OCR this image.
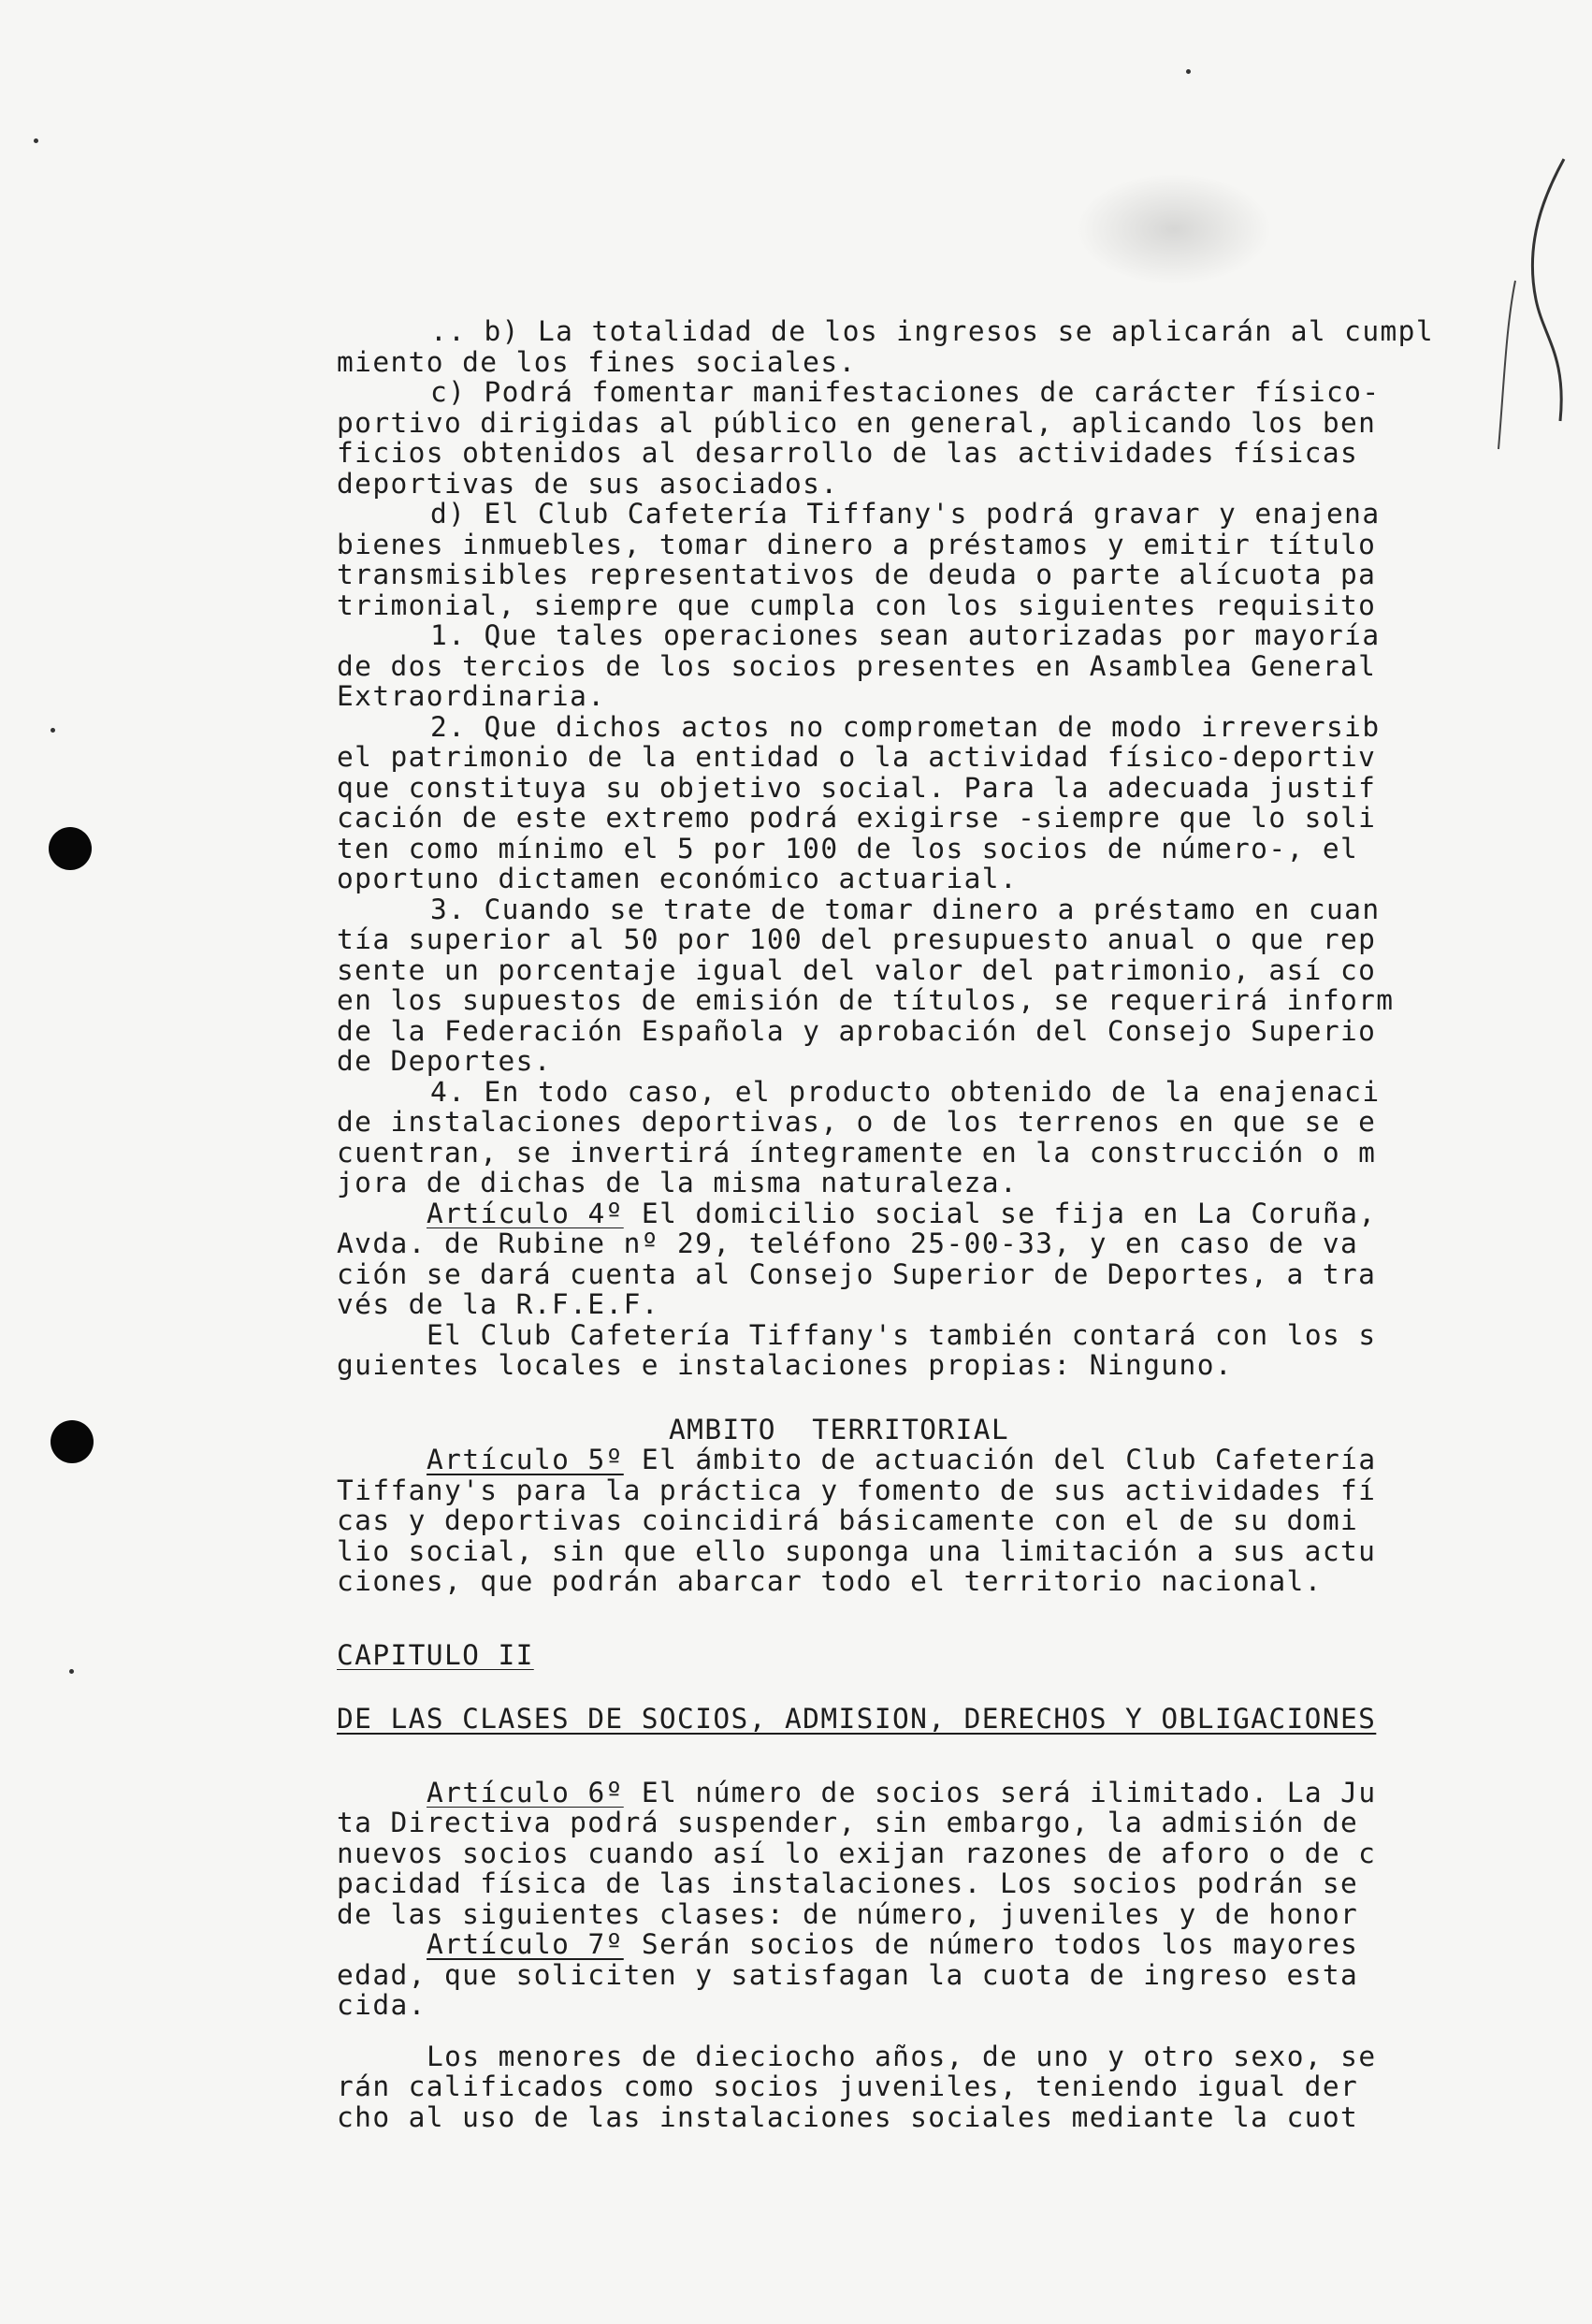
.. b) La totalidad de los ingresos se aplicarán al cumpl
miento de los fines sociales.
c) Podrá fomentar manifestaciones de carácter físico-
portivo dirigidas al público en general, aplicando los ben
ficios obtenidos al desarrollo de las actividades físicas
deportivas de sus asociados.
d) El Club Cafetería Tiffany's podrá gravar y enajena
bienes inmuebles, tomar dinero a préstamos y emitir título
transmisibles representativos de deuda o parte alícuota pa
trimonial, siempre que cumpla con los siguientes requisito
1. Que tales operaciones sean autorizadas por mayoría
de dos tercios de los socios presentes en Asamblea General
Extraordinaria.
2. Que dichos actos no comprometan de modo irreversib
el patrimonio de la entidad o la actividad físico-deportiv
que constituya su objetivo social. Para la adecuada justif
cación de este extremo podrá exigirse -siempre que lo soli
ten como mínimo el 5 por 100 de los socios de número-, el
oportuno dictamen económico actuarial.
3. Cuando se trate de tomar dinero a préstamo en cuan
tía superior al 50 por 100 del presupuesto anual o que rep
sente un porcentaje igual del valor del patrimonio, así co
en los supuestos de emisión de títulos, se requerirá inform
de la Federación Española y aprobación del Consejo Superio
de Deportes.
4. En todo caso, el producto obtenido de la enajenaci
de instalaciones deportivas, o de los terrenos en que se e
cuentran, se invertirá íntegramente en la construcción o m
jora de dichas de la misma naturaleza.
Artículo 4º El domicilio social se fija en La Coruña,
Avda. de Rubine nº 29, teléfono 25-00-33, y en caso de va
ción se dará cuenta al Consejo Superior de Deportes, a tra
vés de la R.F.E.F.
El Club Cafetería Tiffany's también contará con los s
guientes locales e instalaciones propias: Ninguno.
AMBITO  TERRITORIAL
Artículo 5º El ámbito de actuación del Club Cafetería
Tiffany's para la práctica y fomento de sus actividades fí
cas y deportivas coincidirá básicamente con el de su domi
lio social, sin que ello suponga una limitación a sus actu
ciones, que podrán abarcar todo el territorio nacional.
CAPITULO II
DE LAS CLASES DE SOCIOS, ADMISION, DERECHOS Y OBLIGACIONES
Artículo 6º El número de socios será ilimitado. La Ju
ta Directiva podrá suspender, sin embargo, la admisión de
nuevos socios cuando así lo exijan razones de aforo o de c
pacidad física de las instalaciones. Los socios podrán se
de las siguientes clases: de número, juveniles y de honor
Artículo 7º Serán socios de número todos los mayores
edad, que soliciten y satisfagan la cuota de ingreso esta
cida.
Los menores de dieciocho años, de uno y otro sexo, se
rán calificados como socios juveniles, teniendo igual der
cho al uso de las instalaciones sociales mediante la cuot
